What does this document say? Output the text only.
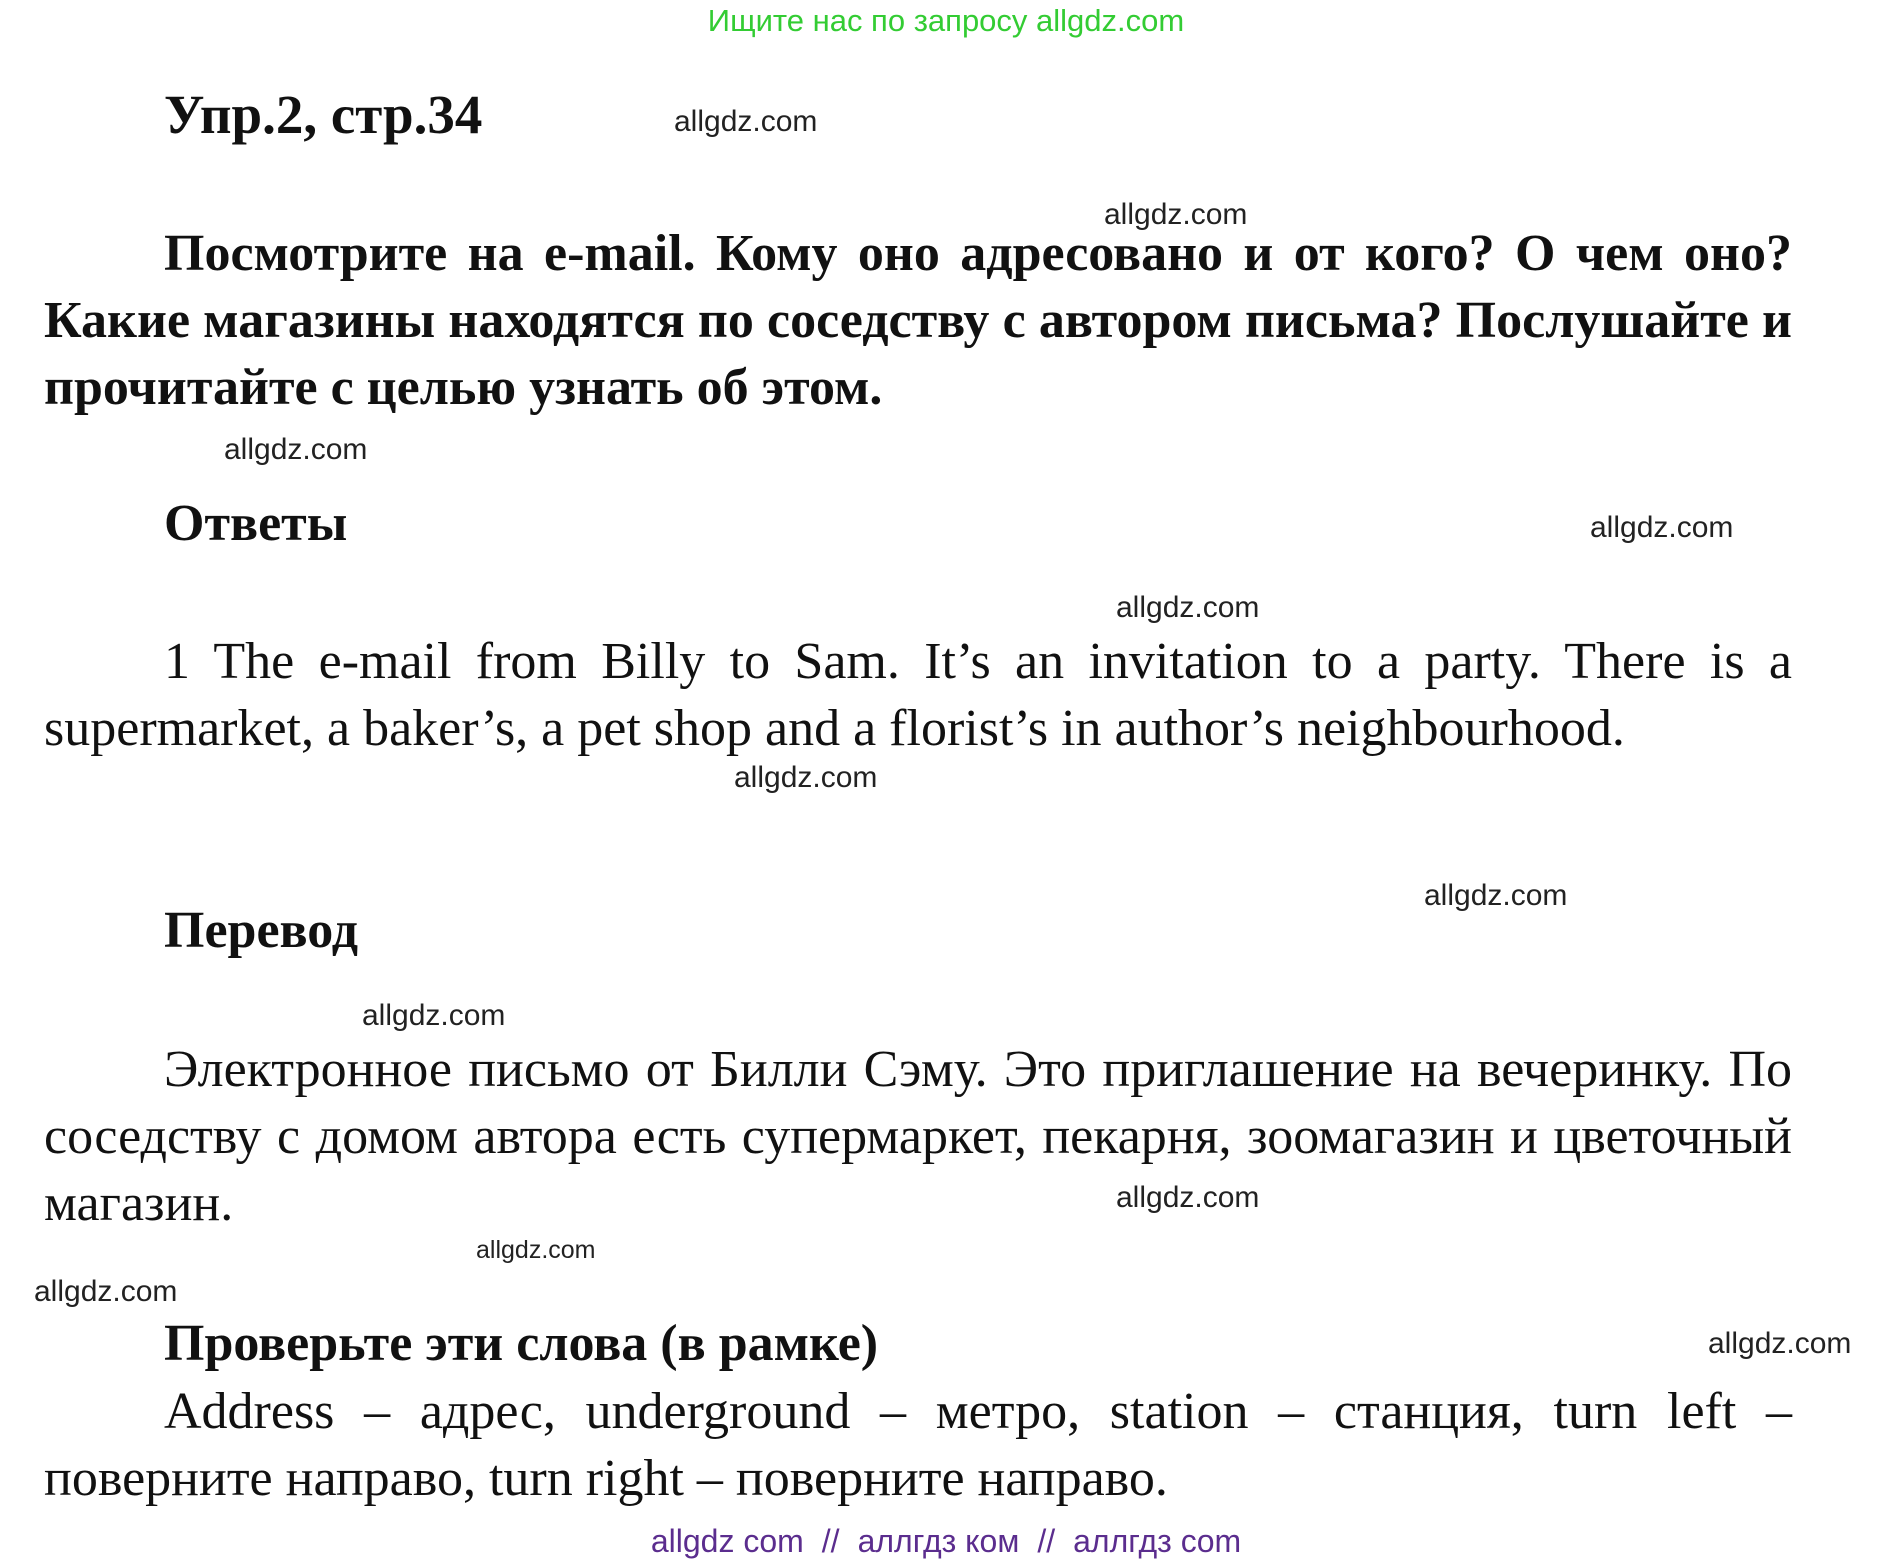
Ищите нас по запросу allgdz.com
Упр.2, стр.34

Посмотрите на e-mail. Кому оно адресовано и от кого? О чем оно? Какие магазины находятся по соседству с автором письма? Послушайте и прочитайте с целью узнать об этом.

Ответы

1 The e-mail from Billy to Sam. It’s an invitation to a party. There is a supermarket, a baker’s, a pet shop and a florist’s in author’s neighbourhood.

Перевод

Электронное письмо от Билли Сэму. Это приглашение на вечеринку. По соседству с домом автора есть супермаркет, пекарня, зоомагазин и цветочный магазин.

Проверьте эти слова (в рамке)

Address – адрес, underground – метро, station – станция, turn left – поверните направо, turn right – поверните направо.

allgdz.com
allgdz.com
allgdz.com
allgdz.com
allgdz.com
allgdz.com
allgdz.com
allgdz.com
allgdz.com
allgdz.com
allgdz.com
allgdz.com
allgdz com // аллгдз ком // аллгдз com
